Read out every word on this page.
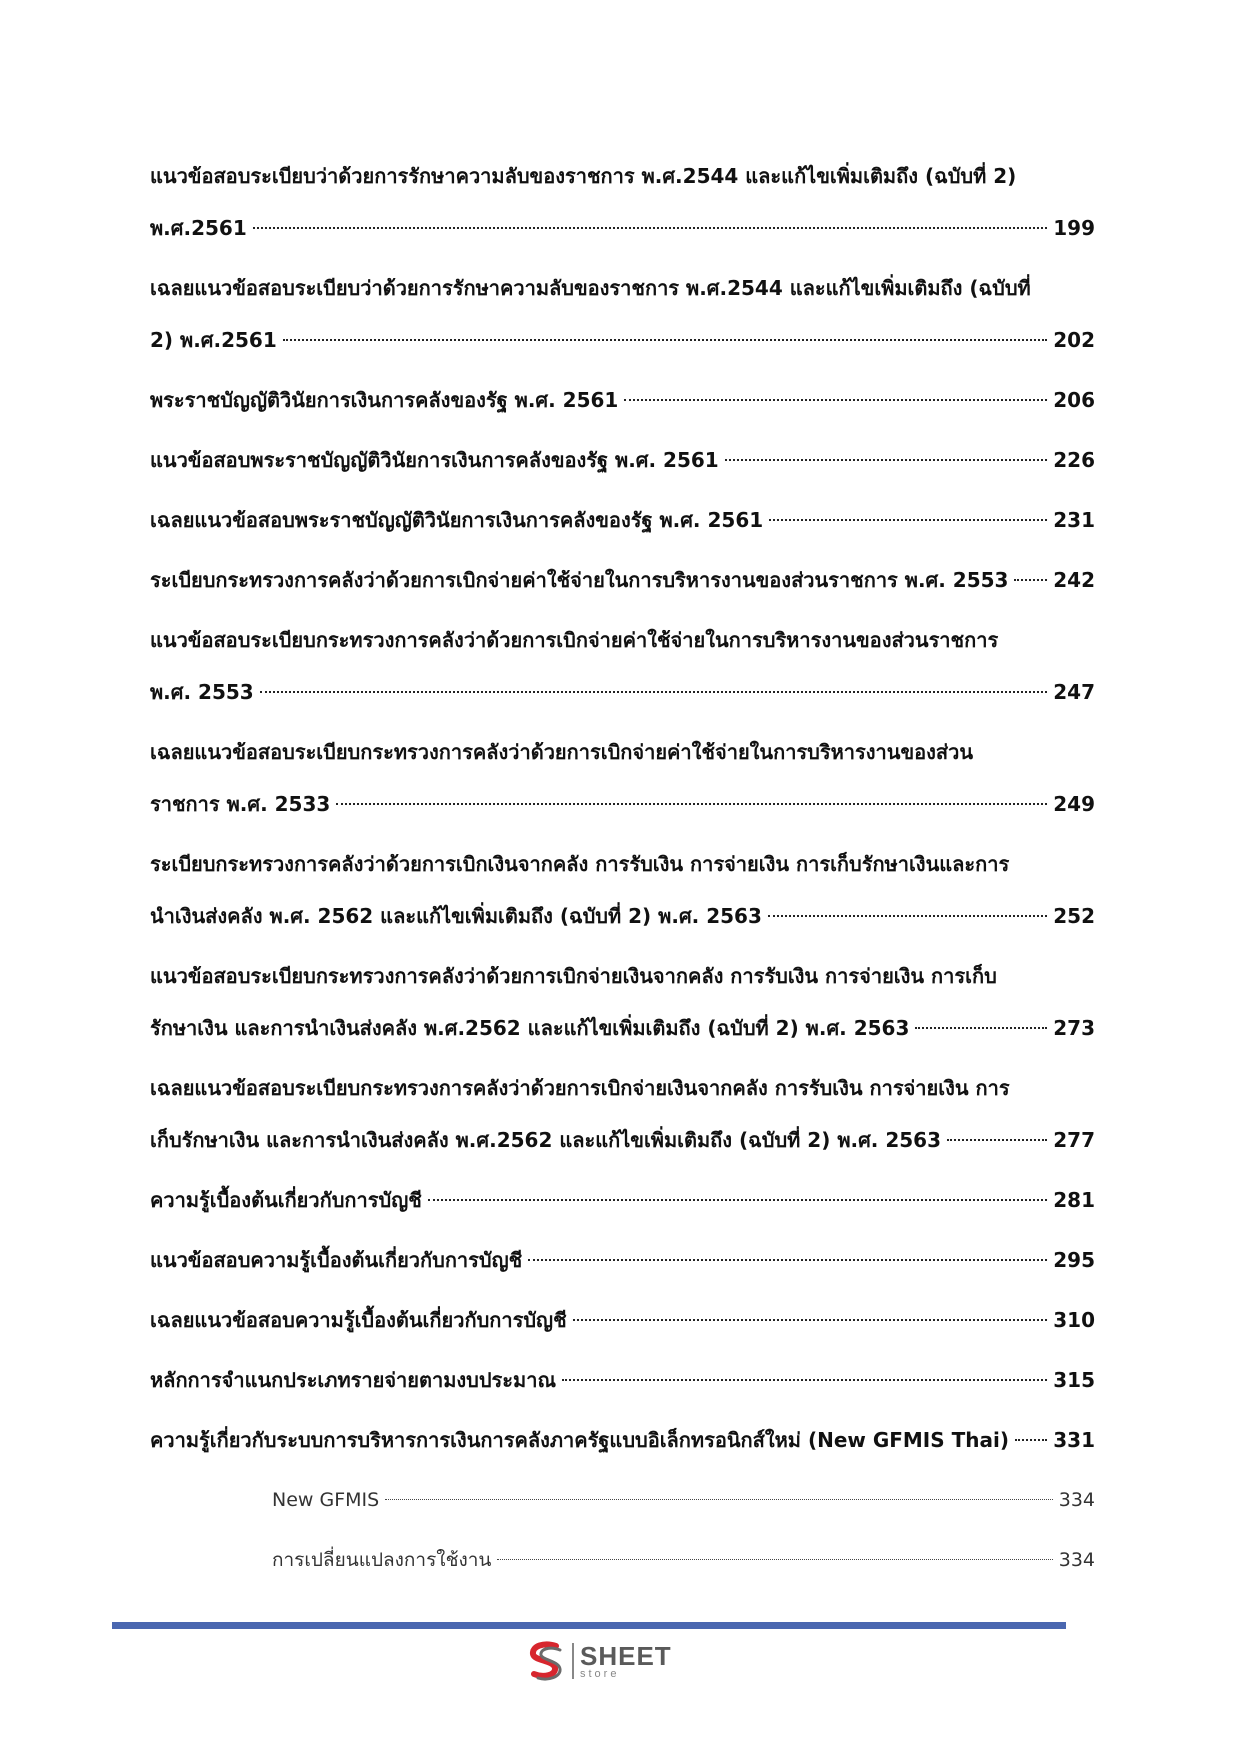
แนวข้อสอบระเบียบว่าด้วยการรักษาความลับของราชการ พ.ศ.2544 และแก้ไขเพิ่มเติมถึง (ฉบับที่ 2)
พ.ศ.2561	199
เฉลยแนวข้อสอบระเบียบว่าด้วยการรักษาความลับของราชการ พ.ศ.2544 และแก้ไขเพิ่มเติมถึง (ฉบับที่
2) พ.ศ.2561	202
พระราชบัญญัติวินัยการเงินการคลังของรัฐ พ.ศ. 2561	206
แนวข้อสอบพระราชบัญญัติวินัยการเงินการคลังของรัฐ พ.ศ. 2561	226
เฉลยแนวข้อสอบพระราชบัญญัติวินัยการเงินการคลังของรัฐ พ.ศ. 2561	231
ระเบียบกระทรวงการคลังว่าด้วยการเบิกจ่ายค่าใช้จ่ายในการบริหารงานของส่วนราชการ พ.ศ. 2553 242
แนวข้อสอบระเบียบกระทรวงการคลังว่าด้วยการเบิกจ่ายค่าใช้จ่ายในการบริหารงานของส่วนราชการ
พ.ศ. 2553	247
เฉลยแนวข้อสอบระเบียบกระทรวงการคลังว่าด้วยการเบิกจ่ายค่าใช้จ่ายในการบริหารงานของส่วน
ราชการ พ.ศ. 2533	249
ระเบียบกระทรวงการคลังว่าด้วยการเบิกเงินจากคลัง การรับเงิน การจ่ายเงิน การเก็บรักษาเงินและการ
นำเงินส่งคลัง พ.ศ. 2562 และแก้ไขเพิ่มเติมถึง (ฉบับที่ 2) พ.ศ. 2563	252
แนวข้อสอบระเบียบกระทรวงการคลังว่าด้วยการเบิกจ่ายเงินจากคลัง การรับเงิน การจ่ายเงิน การเก็บ
รักษาเงิน และการนำเงินส่งคลัง พ.ศ.2562 และแก้ไขเพิ่มเติมถึง (ฉบับที่ 2) พ.ศ. 2563	273
เฉลยแนวข้อสอบระเบียบกระทรวงการคลังว่าด้วยการเบิกจ่ายเงินจากคลัง การรับเงิน การจ่ายเงิน การ
เก็บรักษาเงิน และการนำเงินส่งคลัง พ.ศ.2562 และแก้ไขเพิ่มเติมถึง (ฉบับที่ 2) พ.ศ. 2563	277
ความรู้เบื้องต้นเกี่ยวกับการบัญชี	281
แนวข้อสอบความรู้เบื้องต้นเกี่ยวกับการบัญชี	295
เฉลยแนวข้อสอบความรู้เบื้องต้นเกี่ยวกับการบัญชี	310
หลักการจำแนกประเภทรายจ่ายตามงบประมาณ	315
ความรู้เกี่ยวกับระบบการบริหารการเงินการคลังภาครัฐแบบอิเล็กทรอนิกส์ใหม่ (New GFMIS Thai) 331
New GFMIS	334
การเปลี่ยนแปลงการใช้งาน	334
SHEET
store
